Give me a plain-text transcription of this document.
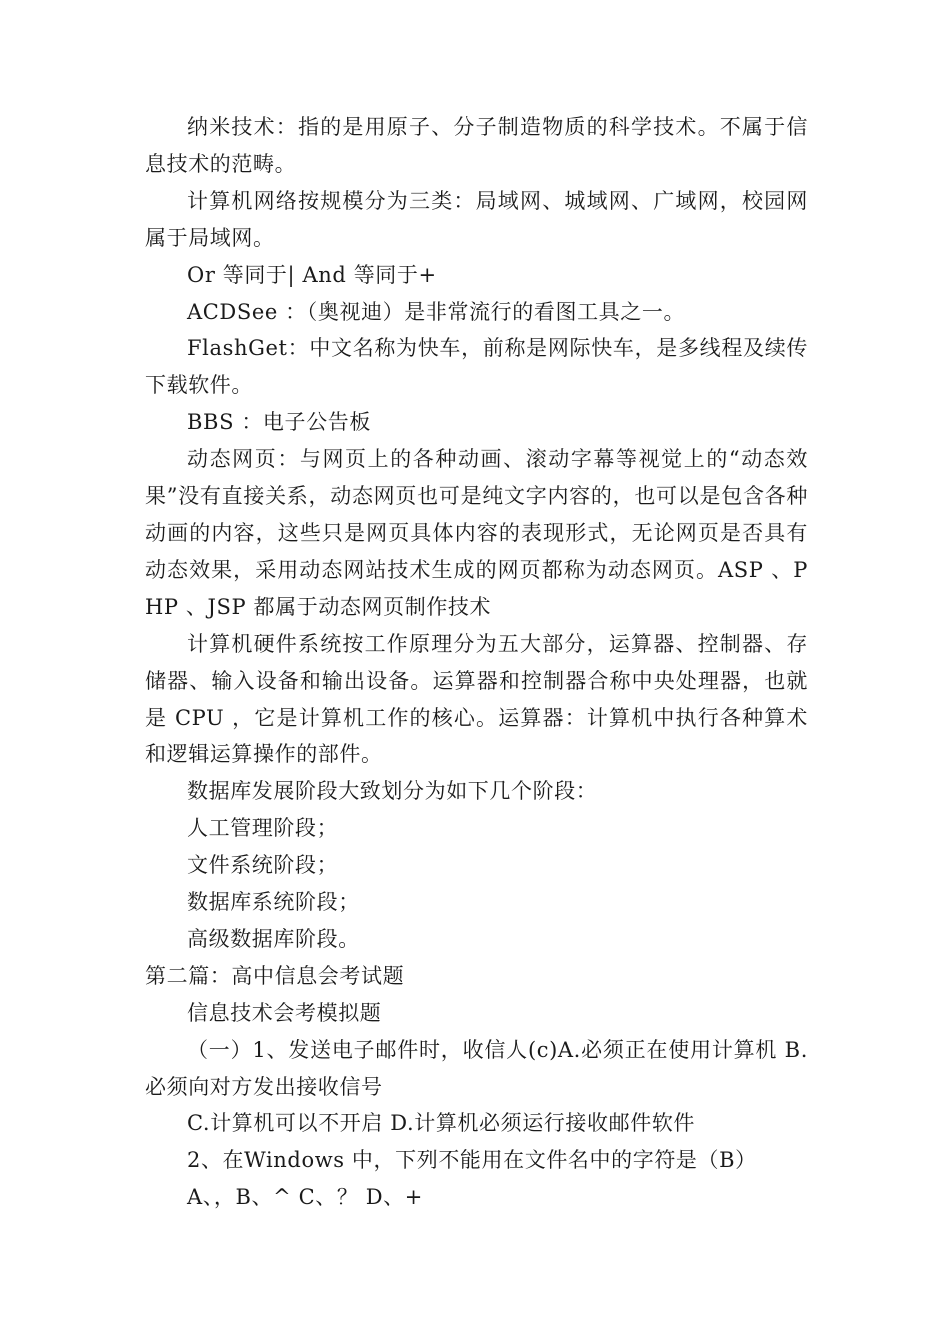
纳米技术：指的是用原子、分子制造物质的科学技术。不属于信息技术的范畴。

计算机网络按规模分为三类：局域网、城域网、广域网，校园网属于局域网。

Or 等同于| And 等同于+

ACDSee ：（奥视迪）是非常流行的看图工具之一。

FlashGet：中文名称为快车，前称是网际快车，是多线程及续传下载软件。

BBS ：电子公告板

动态网页：与网页上的各种动画、滚动字幕等视觉上的“动态效果”没有直接关系，动态网页也可是纯文字内容的，也可以是包含各种动画的内容，这些只是网页具体内容的表现形式，无论网页是否具有动态效果，采用动态网站技术生成的网页都称为动态网页。ASP 、PHP 、JSP 都属于动态网页制作技术

计算机硬件系统按工作原理分为五大部分，运算器、控制器、存储器、输入设备和输出设备。运算器和控制器合称中央处理器，也就是 CPU ，它是计算机工作的核心。运算器：计算机中执行各种算术和逻辑运算操作的部件。

数据库发展阶段大致划分为如下几个阶段：

人工管理阶段；

文件系统阶段；

数据库系统阶段；

高级数据库阶段。

第二篇：高中信息会考试题

信息技术会考模拟题

（一）1、发送电子邮件时，收信人(c)A.必须正在使用计算机 B.必须向对方发出接收信号

C.计算机可以不开启 D.计算机必须运行接收邮件软件

2、在Windows 中，下列不能用在文件名中的字符是（B）

A、，B、^ C、？ D、+
